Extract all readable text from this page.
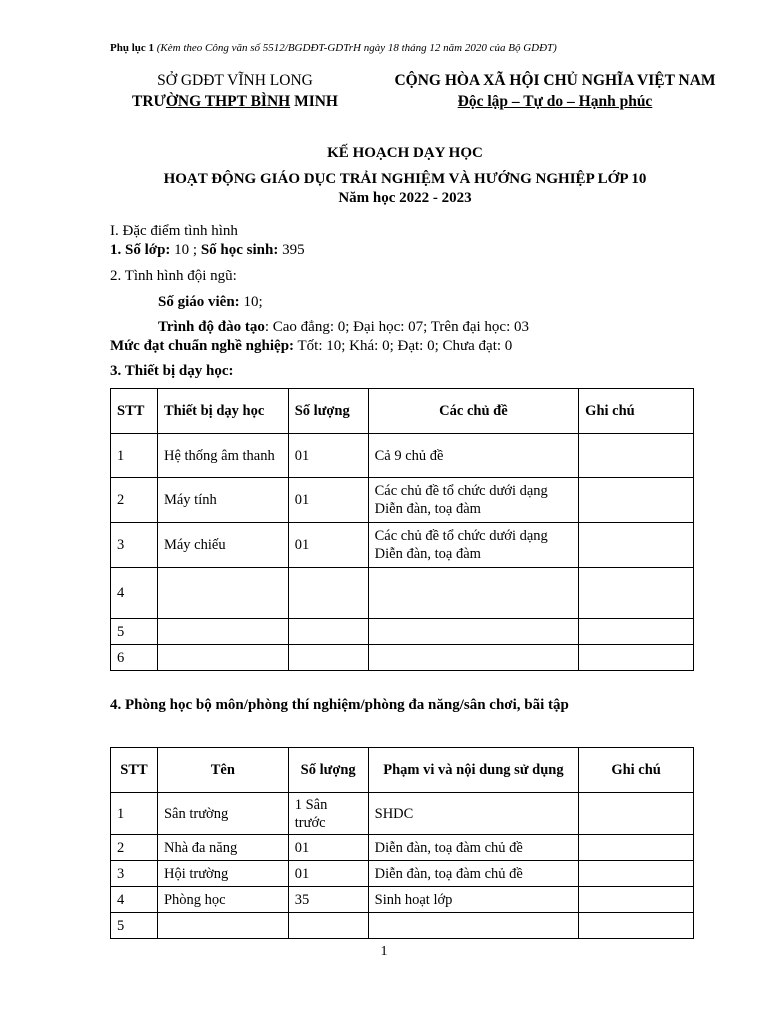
Phụ lục 1 (Kèm theo Công văn số 5512/BGDĐT-GDTrH ngày 18 tháng 12 năm 2020 của Bộ GDĐT)
SỞ GDĐT VĨNH LONG
TRƯỜNG THPT BÌNH MINH
CỘNG HÒA XÃ HỘI CHỦ NGHĨA VIỆT NAM
Độc lập – Tự do – Hạnh phúc
KẾ HOẠCH DẠY HỌC
HOẠT ĐỘNG GIÁO DỤC TRẢI NGHIỆM VÀ HƯỚNG NGHIỆP LỚP 10
Năm học 2022 - 2023
I. Đặc điểm tình hình
1. Số lớp: 10 ; Số học sinh: 395
2. Tình hình đội ngũ:
Số giáo viên: 10;
Trình độ đào tạo: Cao đẳng: 0; Đại học: 07; Trên đại học: 03
Mức đạt chuẩn nghề nghiệp: Tốt: 10; Khá: 0; Đạt: 0; Chưa đạt: 0
3. Thiết bị dạy học:
STT	Thiết bị dạy học	Số lượng	Các chủ đề	Ghi chú
1	Hệ thống âm thanh	01	Cả 9 chủ đề	
2	Máy tính	01	Các chủ đề tổ chức dưới dạng Diễn đàn, toạ đàm	
3	Máy chiếu	01	Các chủ đề tổ chức dưới dạng Diễn đàn, toạ đàm	
4				
5				
6				
4. Phòng học bộ môn/phòng thí nghiệm/phòng đa năng/sân chơi, bãi tập
STT	Tên	Số lượng	Phạm vi và nội dung sử dụng	Ghi chú
1	Sân trường	1 Sân trước	SHDC	
2	Nhà đa năng	01	Diễn đàn, toạ đàm chủ đề	
3	Hội trường	01	Diễn đàn, toạ đàm chủ đề	
4	Phòng học	35	Sinh hoạt lớp	
5				
1
